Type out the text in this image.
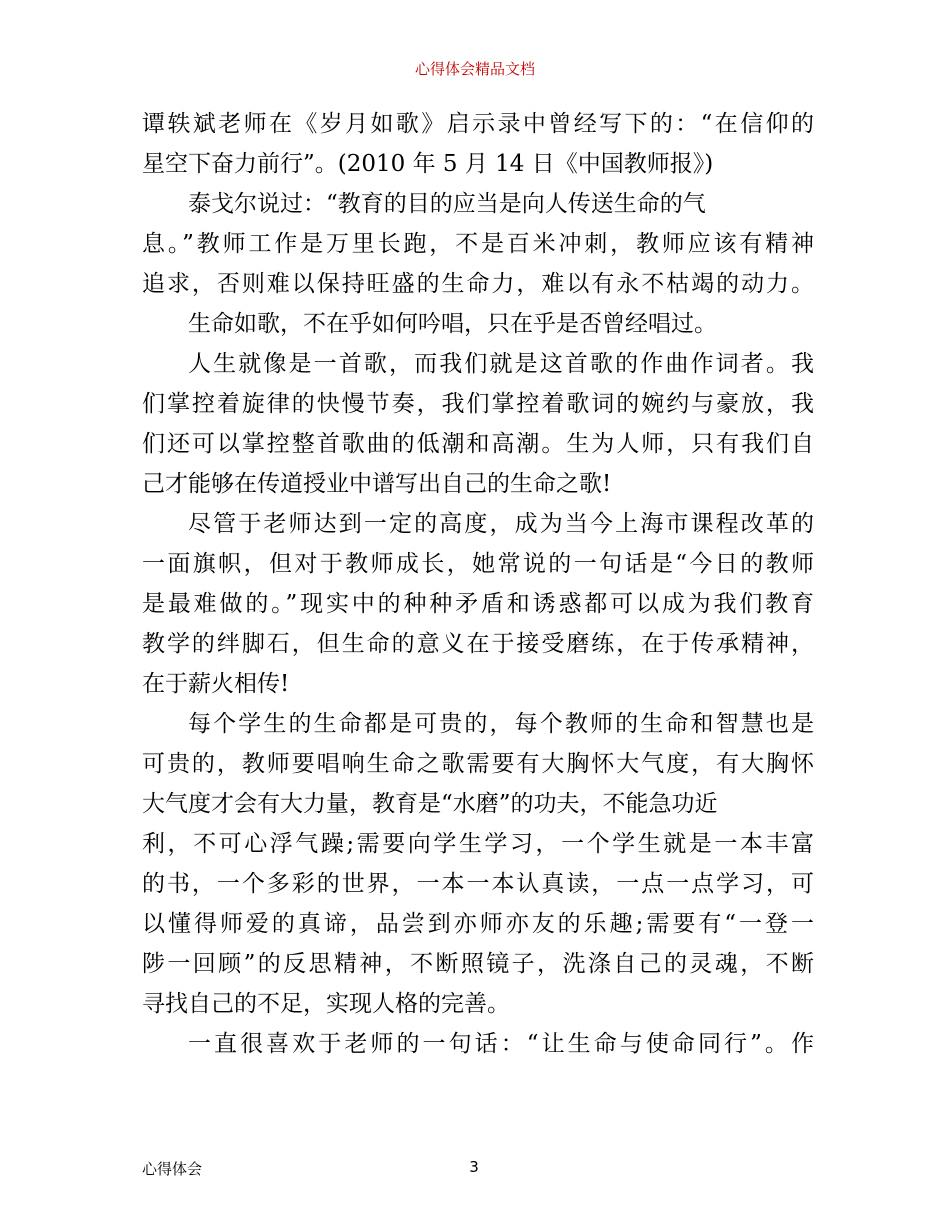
心得体会精品文档
谭轶斌老师在《岁月如歌》启示录中曾经写下的：“在信仰的
星空下奋力前行”。(2010 年 5 月 14 日《中国教师报》)
泰戈尔说过：“教育的目的应当是向人传送生命的气
息。”教师工作是万里长跑，不是百米冲刺，教师应该有精神
追求，否则难以保持旺盛的生命力，难以有永不枯竭的动力。
生命如歌，不在乎如何吟唱，只在乎是否曾经唱过。
人生就像是一首歌，而我们就是这首歌的作曲作词者。我
们掌控着旋律的快慢节奏，我们掌控着歌词的婉约与豪放，我
们还可以掌控整首歌曲的低潮和高潮。生为人师，只有我们自
己才能够在传道授业中谱写出自己的生命之歌!
尽管于老师达到一定的高度，成为当今上海市课程改革的
一面旗帜，但对于教师成长，她常说的一句话是“今日的教师
是最难做的。”现实中的种种矛盾和诱惑都可以成为我们教育
教学的绊脚石，但生命的意义在于接受磨练，在于传承精神，
在于薪火相传!
每个学生的生命都是可贵的，每个教师的生命和智慧也是
可贵的，教师要唱响生命之歌需要有大胸怀大气度，有大胸怀
大气度才会有大力量，教育是“水磨”的功夫，不能急功近
利，不可心浮气躁;需要向学生学习，一个学生就是一本丰富
的书，一个多彩的世界，一本一本认真读，一点一点学习，可
以懂得师爱的真谛，品尝到亦师亦友的乐趣;需要有“一登一
陟一回顾”的反思精神，不断照镜子，洗涤自己的灵魂，不断
寻找自己的不足，实现人格的完善。
一直很喜欢于老师的一句话：“让生命与使命同行”。作
心得体会	3
